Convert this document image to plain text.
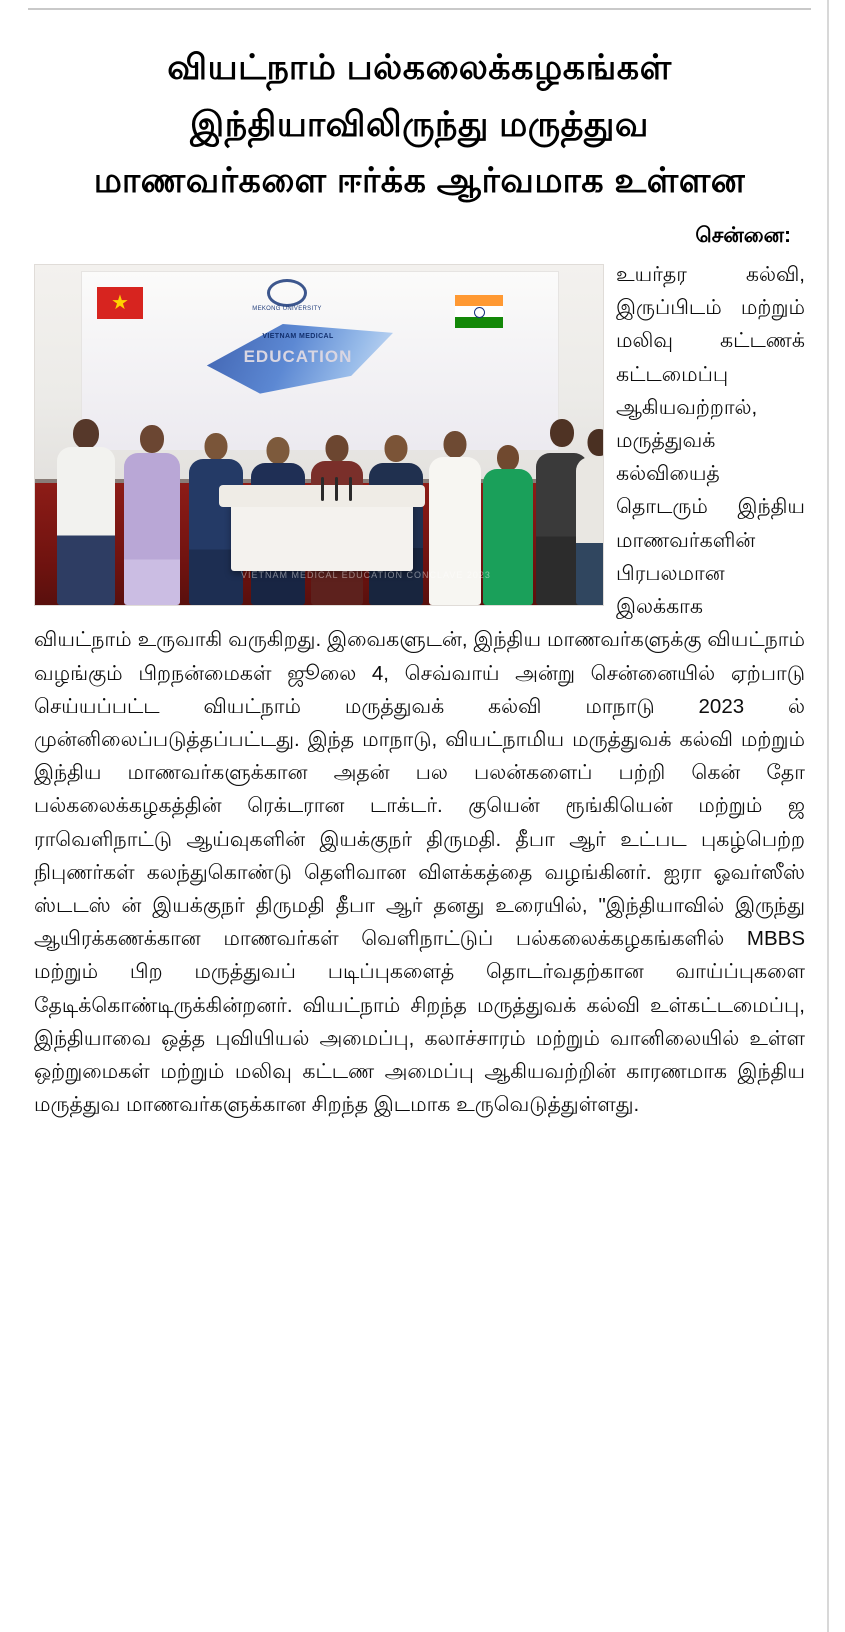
வியட்நாம் பல்கலைக்கழகங்கள்
இந்தியாவிலிருந்து மருத்துவ
மாணவர்களை ஈர்க்க ஆர்வமாக உள்ளன
சென்னை:
MEKONG UNIVERSITY
VIETNAM MEDICAL
EDUCATION
★
VIETNAM MEDICAL EDUCATION CONCLAVE 2023

உயர்தர கல்வி, இருப்பிடம் மற்றும் மலிவு கட்டணக் கட்டமைப்பு ஆகியவற்றால், மருத்துவக் கல்வியைத் தொடரும் இந்திய மாணவர்களின் பிரபலமான இலக்காக வியட்நாம் உருவாகி வருகிறது. இவைகளுடன், இந்திய மாணவர்களுக்கு வியட்நாம் வழங்கும் பிறநன்மைகள் ஜூலை 4, செவ்வாய் அன்று சென்னையில் ஏற்பாடு செய்யப்பட்ட வியட்நாம் மருத்துவக் கல்வி மாநாடு 2023 ல் முன்னிலைப்படுத்தப்பட்டது. இந்த மாநாடு, வியட்நாமிய மருத்துவக் கல்வி மற்றும் இந்திய மாணவர்களுக்கான அதன் பல பலன்களைப் பற்றி கென் தோ பல்கலைக்கழகத்தின் ரெக்டரான டாக்டர். குயென் ரூங்கியென் மற்றும் ஜ ராவெளிநாட்டு ஆய்வுகளின் இயக்குநர் திருமதி. தீபா ஆர் உட்பட புகழ்பெற்ற நிபுணர்கள் கலந்துகொண்டு தெளிவான விளக்கத்தை வழங்கினர். ஐரா ஓவர்ஸீஸ் ஸ்டடஸ் ன் இயக்குநர் திருமதி தீபா ஆர் தனது உரையில், "இந்தியாவில் இருந்து ஆயிரக்கணக்கான மாணவர்கள் வெளிநாட்டுப் பல்கலைக்கழகங்களில் MBBS மற்றும் பிற மருத்துவப் படிப்புகளைத் தொடர்வதற்கான வாய்ப்புகளை தேடிக்கொண்டிருக்கின்றனர். வியட்நாம் சிறந்த மருத்துவக் கல்வி உள்கட்டமைப்பு, இந்தியாவை ஒத்த புவியியல் அமைப்பு, கலாச்சாரம் மற்றும் வானிலையில் உள்ள ஒற்றுமைகள் மற்றும் மலிவு கட்டண அமைப்பு ஆகியவற்றின் காரணமாக இந்திய மருத்துவ மாணவர்களுக்கான சிறந்த இடமாக உருவெடுத்துள்ளது.
